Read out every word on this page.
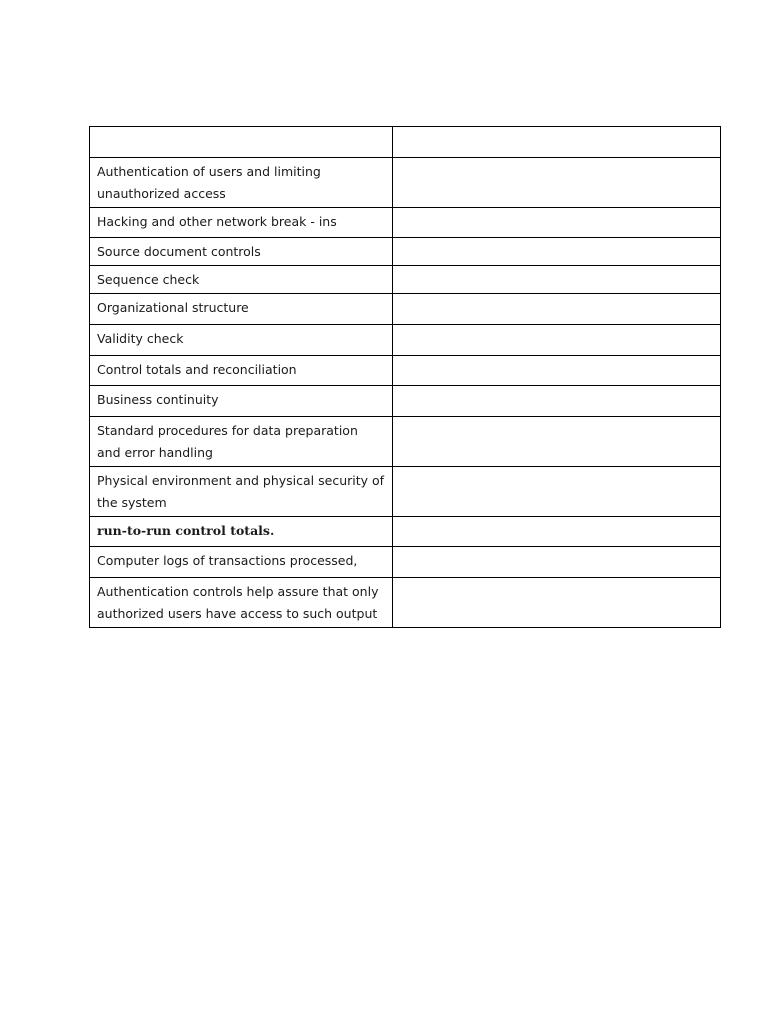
Authentication of users and limiting unauthorized access	
Hacking and other network break - ins	
Source document controls	
Sequence check	
Organizational structure	
Validity check	
Control totals and reconciliation	
Business continuity	
Standard procedures for data preparation and error handling	
Physical environment and physical security of the system	
run-to-run control totals.	
Computer logs of transactions processed,	
Authentication controls help assure that only authorized users have access to such output	
